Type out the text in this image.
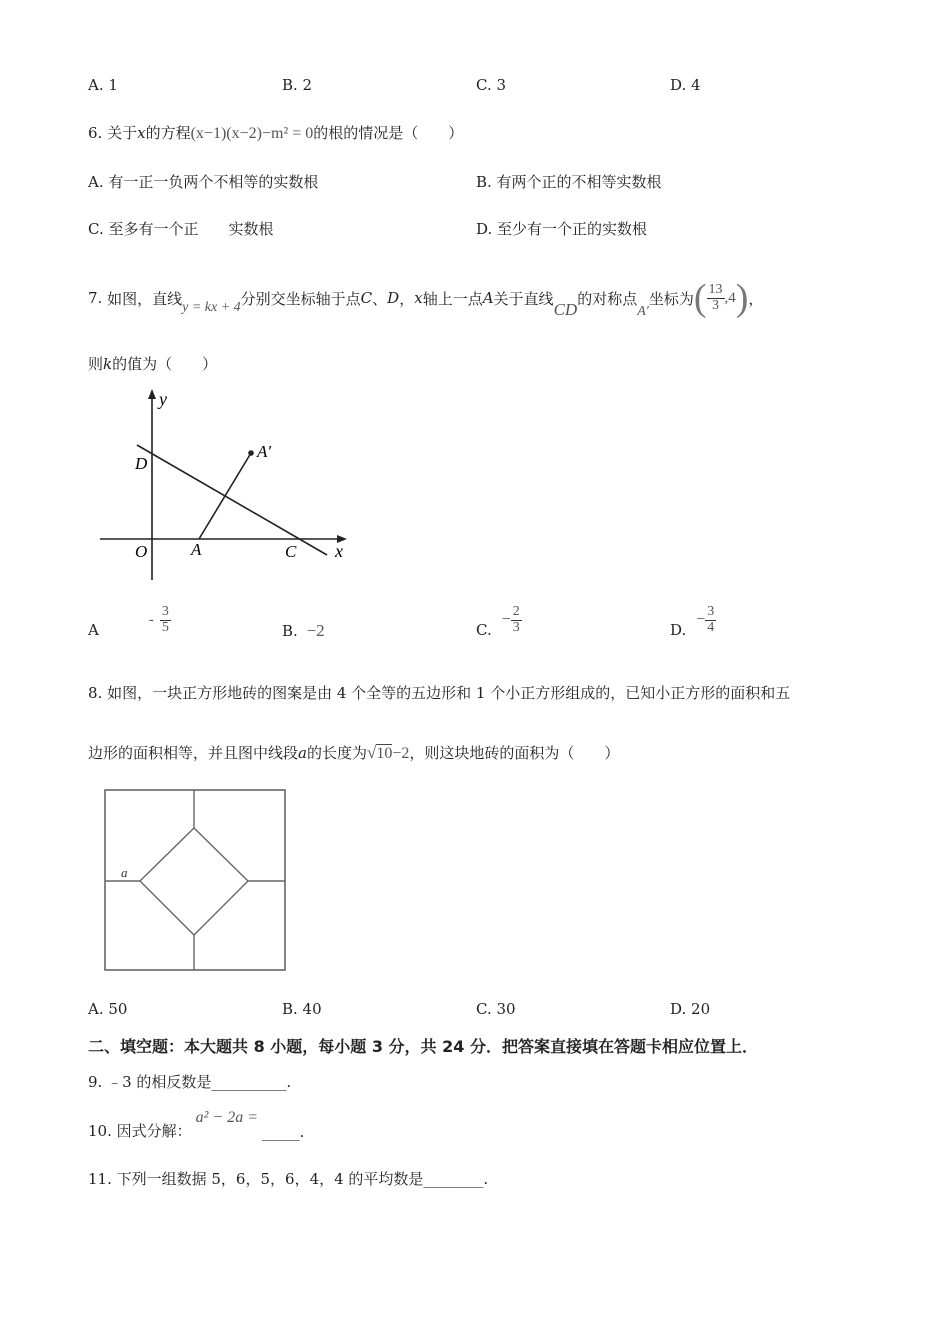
A. 1	B. 2	C. 3	D. 4
6. 关于x的方程(x−1)(x−2)−m² = 0的根的情况是（　　）
A. 有一正一负两个不相等的实数根	B. 有两个正的不相等实数根
C. 至多有一个正　　实数根	D. 至少有一个正的实数根
7.
如图，直线 y = kx + 4 分别交坐标轴于点 C 、 D ， x 轴上一点 A 关于直线
CD
的对称点
A′
坐标为 ( $\frac{13}{3} ,4$ ) ，
则k的值为（　　）
y
x
D
O	A	C
A′
A
- $\frac{3}{5}$	B. −2	C.
− $\frac{2}{3}$	D.
− $\frac{3}{4}$
8. 如图，一块正方形地砖的图案是由 4 个全等的五边形和 1 个小正方形组成的，已知小正方形的面积和五
边形的面积相等，并且图中线段a的长度为√10−2，则这块地砖的面积为（　　）
a
A. 50	B. 40	C. 30	D. 20
二、填空题：本大题共 8 小题，每小题 3 分，共 24 分．把答案直接填在答题卡相应位置上．
9. ﹣3 的相反数是__________.
10. 因式分解：
a² − 2a =
_____.
11. 下列一组数据 5，6，5，6，4，4 的平均数是________.
